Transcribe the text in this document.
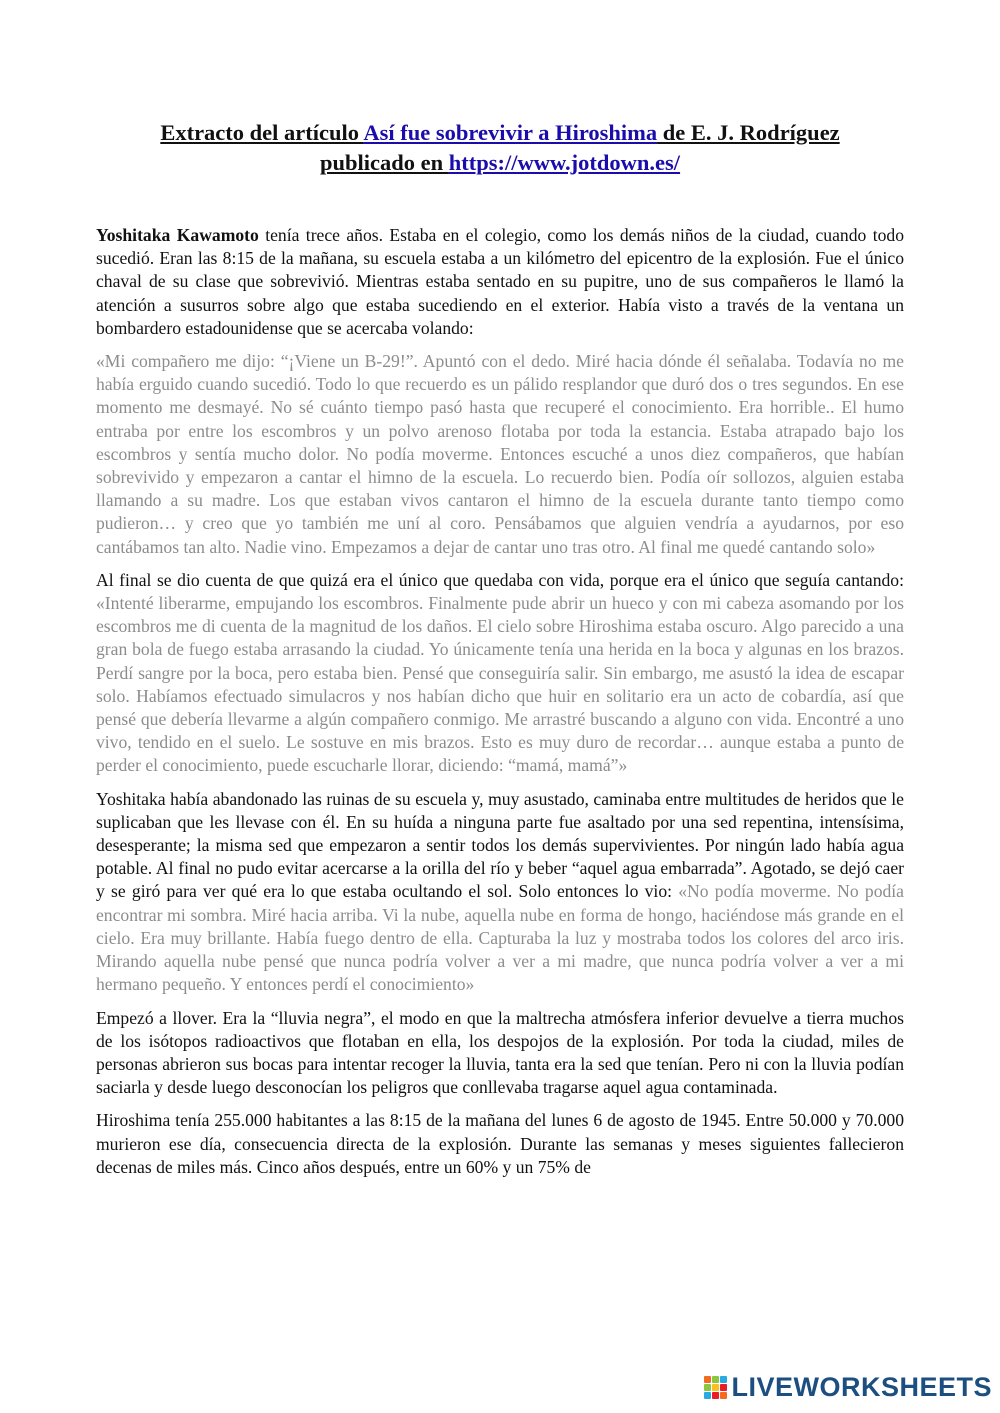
Extracto del artículo Así fue sobrevivir a Hiroshima de E. J. Rodríguez
publicado en https://www.jotdown.es/

Yoshitaka Kawamoto tenía trece años. Estaba en el colegio, como los demás niños de la ciudad, cuando todo sucedió. Eran las 8:15 de la mañana, su escuela estaba a un kilómetro del epicentro de la explosión. Fue el único chaval de su clase que sobrevivió. Mientras estaba sentado en su pupitre, uno de sus compañeros le llamó la atención a susurros sobre algo que estaba sucediendo en el exterior. Había visto a través de la ventana un bombardero estadounidense que se acercaba volando:

«Mi compañero me dijo: “¡Viene un B-29!”. Apuntó con el dedo. Miré hacia dónde él señalaba. Todavía no me había erguido cuando sucedió. Todo lo que recuerdo es un pálido resplandor que duró dos o tres segundos. En ese momento me desmayé. No sé cuánto tiempo pasó hasta que recuperé el conocimiento. Era horrible.. El humo entraba por entre los escombros y un polvo arenoso flotaba por toda la estancia. Estaba atrapado bajo los escombros y sentía mucho dolor. No podía moverme. Entonces escuché a unos diez compañeros, que habían sobrevivido y empezaron a cantar el himno de la escuela. Lo recuerdo bien. Podía oír sollozos, alguien estaba llamando a su madre. Los que estaban vivos cantaron el himno de la escuela durante tanto tiempo como pudieron… y creo que yo también me uní al coro. Pensábamos que alguien vendría a ayudarnos, por eso cantábamos tan alto. Nadie vino. Empezamos a dejar de cantar uno tras otro. Al final me quedé cantando solo»

Al final se dio cuenta de que quizá era el único que quedaba con vida, porque era el único que seguía cantando: «Intenté liberarme, empujando los escombros. Finalmente pude abrir un hueco y con mi cabeza asomando por los escombros me di cuenta de la magnitud de los daños. El cielo sobre Hiroshima estaba oscuro. Algo parecido a una gran bola de fuego estaba arrasando la ciudad. Yo únicamente tenía una herida en la boca y algunas en los brazos. Perdí sangre por la boca, pero estaba bien. Pensé que conseguiría salir. Sin embargo, me asustó la idea de escapar solo. Habíamos efectuado simulacros y nos habían dicho que huir en solitario era un acto de cobardía, así que pensé que debería llevarme a algún compañero conmigo. Me arrastré buscando a alguno con vida. Encontré a uno vivo, tendido en el suelo. Le sostuve en mis brazos. Esto es muy duro de recordar… aunque estaba a punto de perder el conocimiento, puede escucharle llorar, diciendo: “mamá, mamá”»

Yoshitaka había abandonado las ruinas de su escuela y, muy asustado, caminaba entre multitudes de heridos que le suplicaban que les llevase con él. En su huída a ninguna parte fue asaltado por una sed repentina, intensísima, desesperante; la misma sed que empezaron a sentir todos los demás supervivientes. Por ningún lado había agua potable. Al final no pudo evitar acercarse a la orilla del río y beber “aquel agua embarrada”. Agotado, se dejó caer y se giró para ver qué era lo que estaba ocultando el sol. Solo entonces lo vio: «No podía moverme. No podía encontrar mi sombra. Miré hacia arriba. Vi la nube, aquella nube en forma de hongo, haciéndose más grande en el cielo. Era muy brillante. Había fuego dentro de ella. Capturaba la luz y mostraba todos los colores del arco iris. Mirando aquella nube pensé que nunca podría volver a ver a mi madre, que nunca podría volver a ver a mi hermano pequeño. Y entonces perdí el conocimiento»

Empezó a llover. Era la “lluvia negra”, el modo en que la maltrecha atmósfera inferior devuelve a tierra muchos de los isótopos radioactivos que flotaban en ella, los despojos de la explosión. Por toda la ciudad, miles de personas abrieron sus bocas para intentar recoger la lluvia, tanta era la sed que tenían. Pero ni con la lluvia podían saciarla y desde luego desconocían los peligros que conllevaba tragarse aquel agua contaminada.

Hiroshima tenía 255.000 habitantes a las 8:15 de la mañana del lunes 6 de agosto de 1945. Entre 50.000 y 70.000 murieron ese día, consecuencia directa de la explosión. Durante las semanas y meses siguientes fallecieron decenas de miles más. Cinco años después, entre un 60% y un 75% de

LIVEWORKSHEETS
